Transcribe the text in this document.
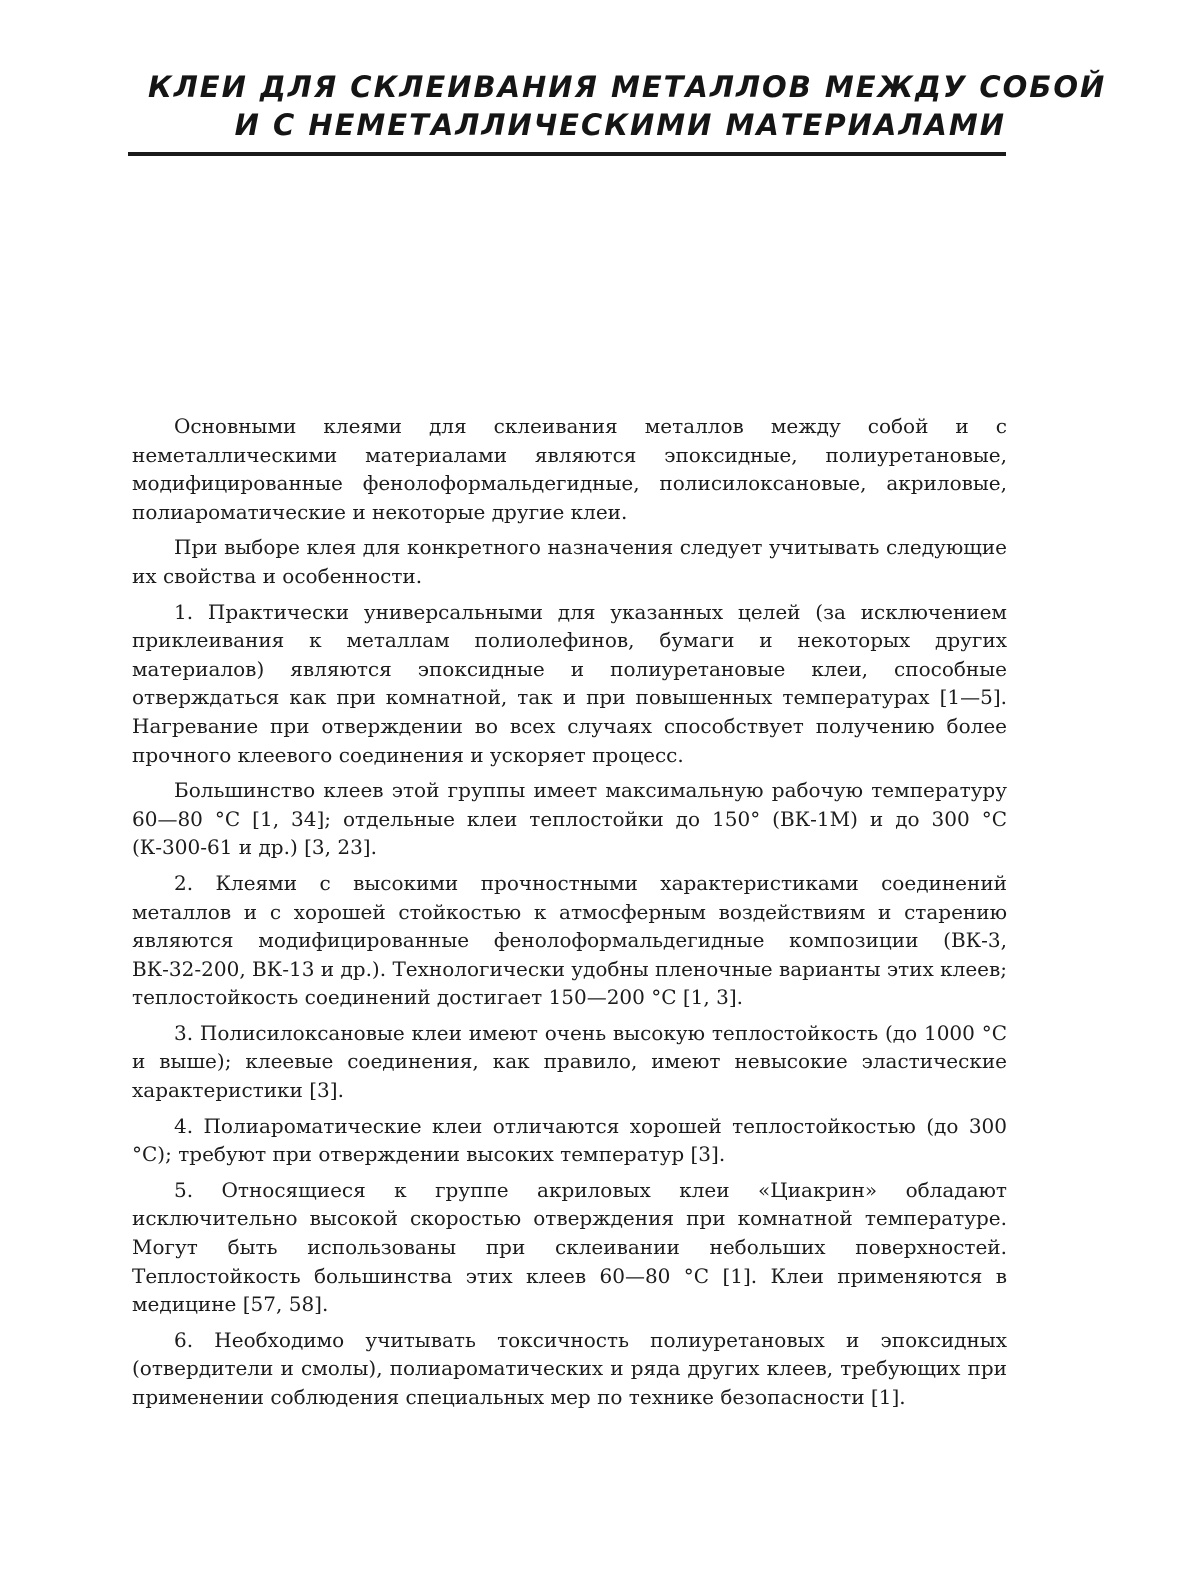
КЛЕИ ДЛЯ СКЛЕИВАНИЯ МЕТАЛЛОВ МЕЖДУ СОБОЙ
И С НЕМЕТАЛЛИЧЕСКИМИ МАТЕРИАЛАМИ

Основными клеями для склеивания металлов между собой и с неметаллическими материалами являются эпоксидные, полиуретановые, модифицированные фенолоформальдегидные, полисилоксановые, акриловые, полиароматические и некоторые другие клеи.

При выборе клея для конкретного назначения следует учитывать следующие их свойства и особенности.

1. Практически универсальными для указанных целей (за исключением приклеивания к металлам полиолефинов, бумаги и некоторых других материалов) являются эпоксидные и полиуретановые клеи, способные отверждаться как при комнатной, так и при повышенных температурах [1—5]. Нагревание при отверждении во всех случаях способствует получению более прочного клеевого соединения и ускоряет процесс.

Большинство клеев этой группы имеет максимальную рабочую температуру 60—80 °C [1, 34]; отдельные клеи теплостойки до 150° (ВК-1М) и до 300 °C (К-300-61 и др.) [3, 23].

2. Клеями с высокими прочностными характеристиками соединений металлов и с хорошей стойкостью к атмосферным воздействиям и старению являются модифицированные фенолоформальдегидные композиции (ВК-3, ВК-32-200, ВК-13 и др.). Технологически удобны пленочные варианты этих клеев; теплостойкость соединений достигает 150—200 °C [1, 3].

3. Полисилоксановые клеи имеют очень высокую теплостойкость (до 1000 °C и выше); клеевые соединения, как правило, имеют невысокие эластические характеристики [3].

4. Полиароматические клеи отличаются хорошей теплостойкостью (до 300 °C); требуют при отверждении высоких температур [3].

5. Относящиеся к группе акриловых клеи «Циакрин» обладают исключительно высокой скоростью отверждения при комнатной температуре. Могут быть использованы при склеивании небольших поверхностей. Теплостойкость большинства этих клеев 60—80 °C [1]. Клеи применяются в медицине [57, 58].

6. Необходимо учитывать токсичность полиуретановых и эпоксидных (отвердители и смолы), полиароматических и ряда других клеев, требующих при применении соблюдения специальных мер по технике безопасности [1].
